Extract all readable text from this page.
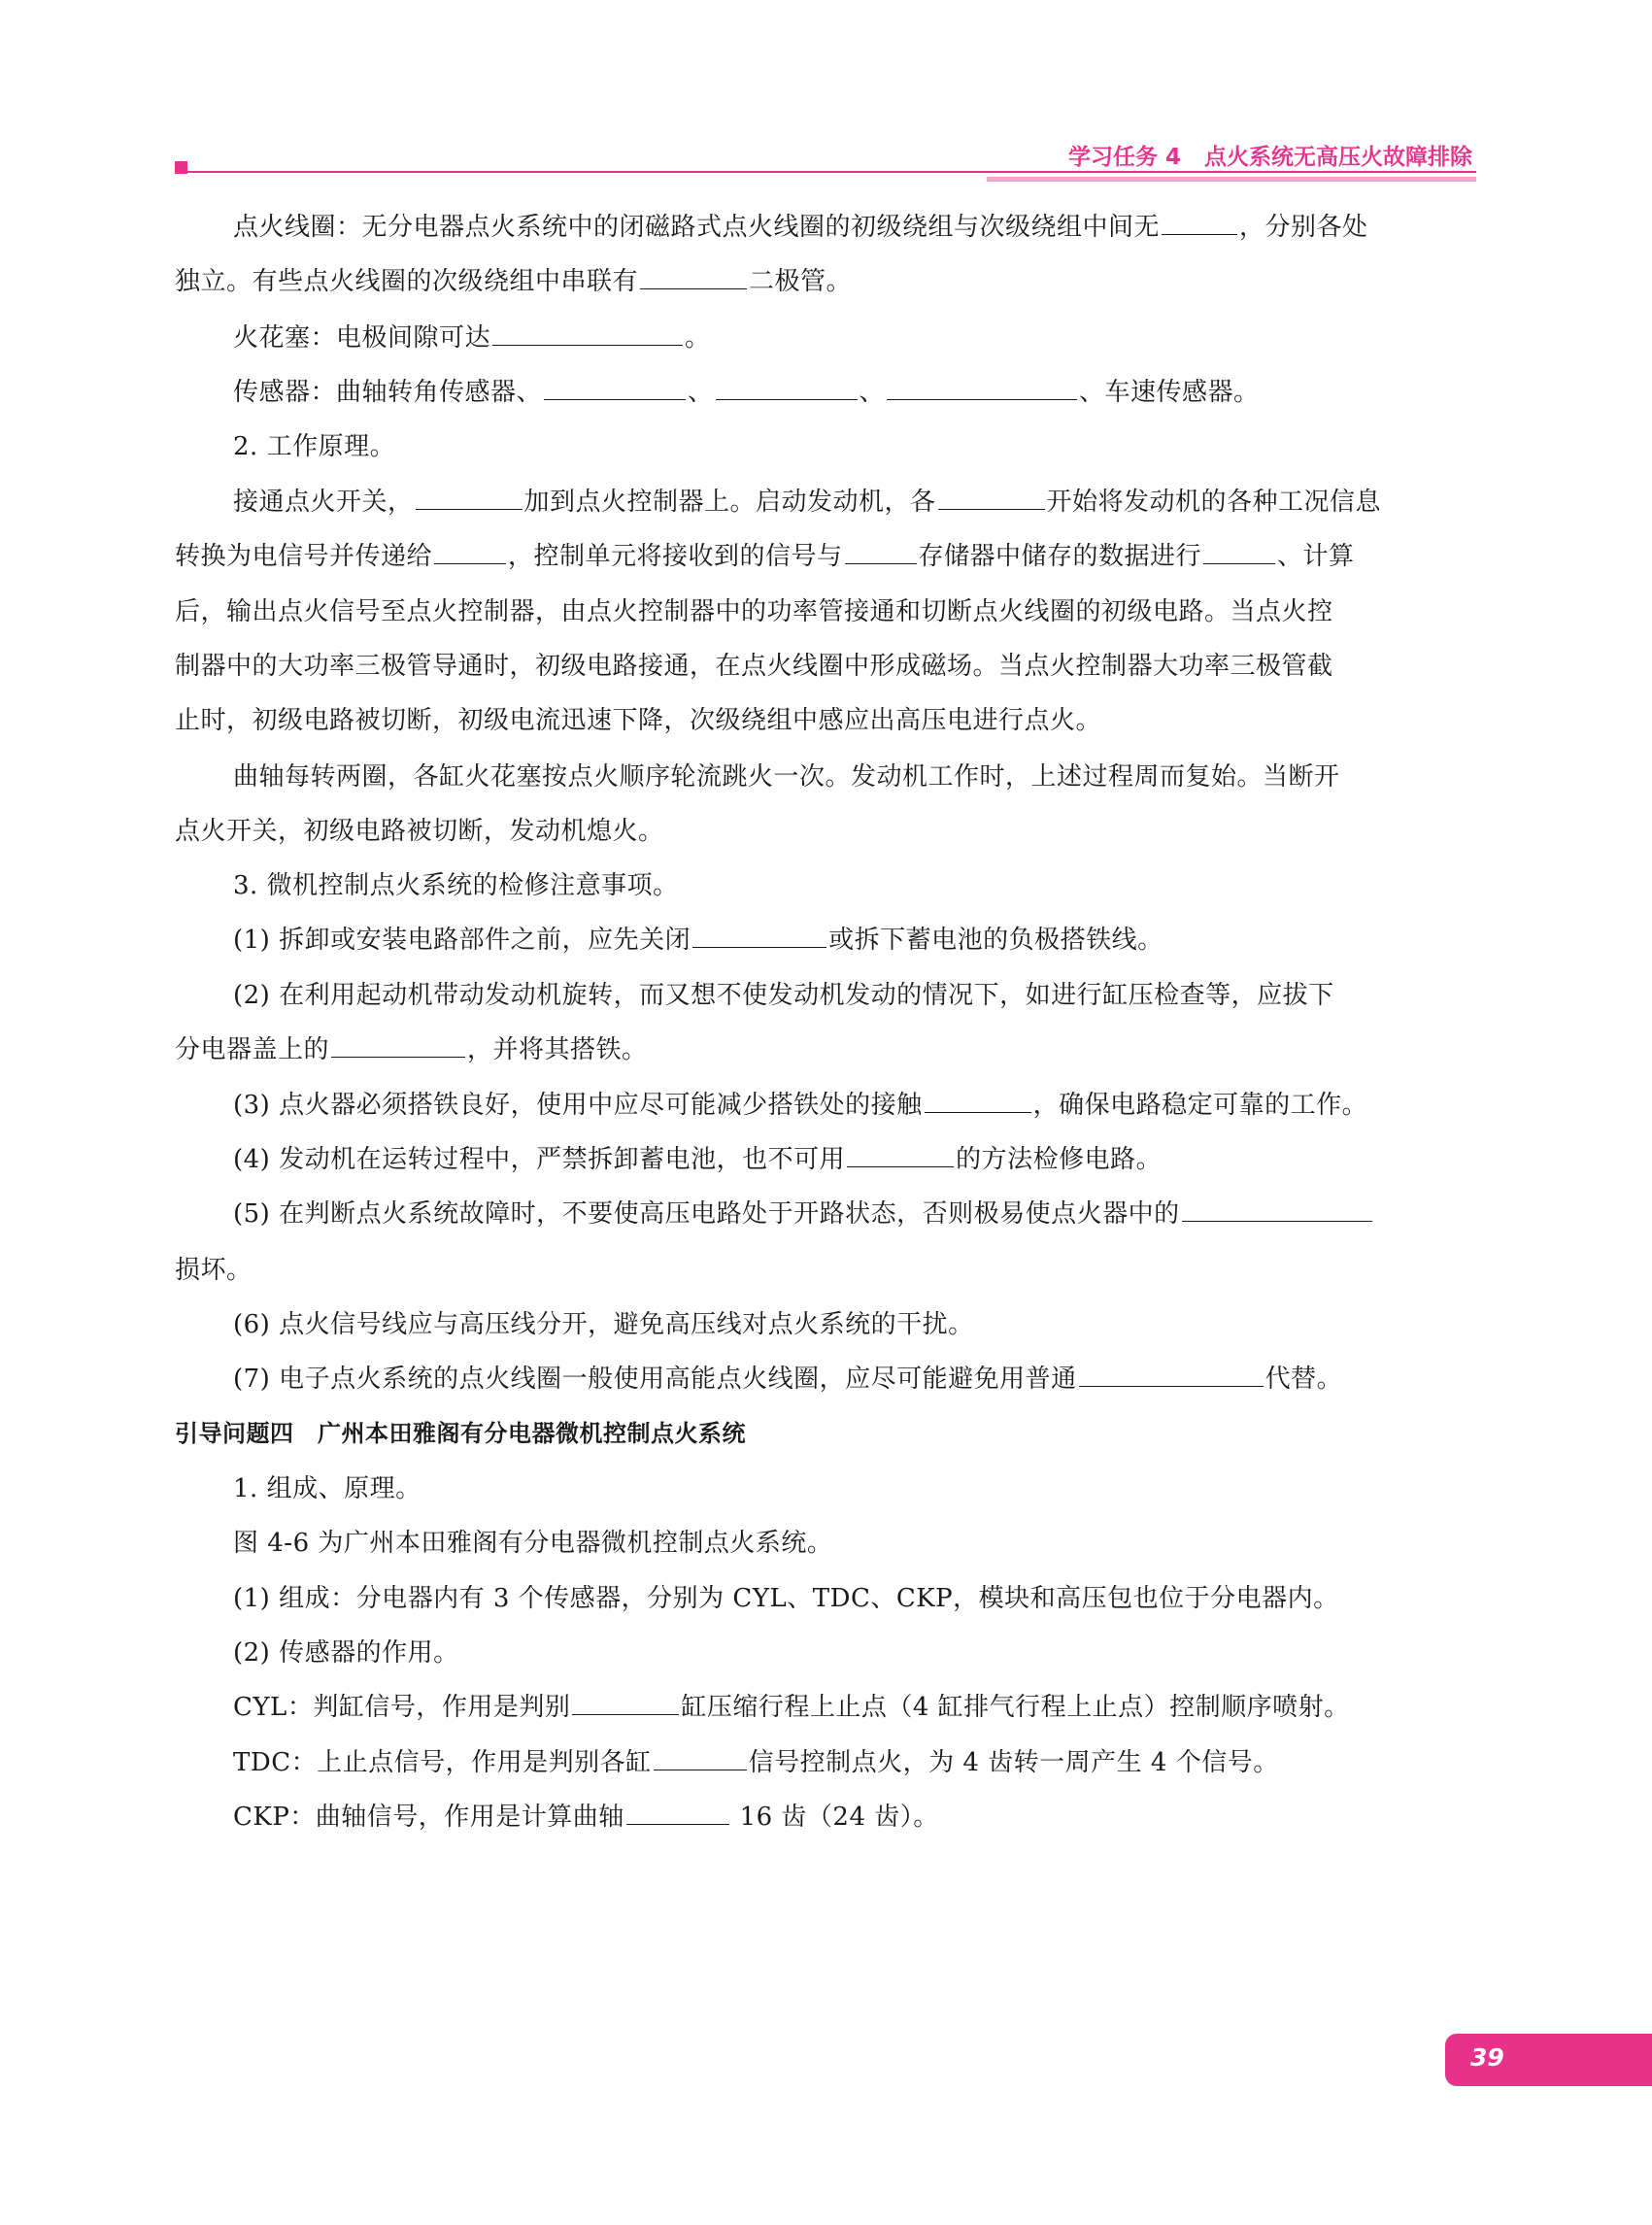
学习任务 4 点火系统无高压火故障排除
点火线圈：无分电器点火系统中的闭磁路式点火线圈的初级绕组与次级绕组中间无	，分别各处
独立。有些点火线圈的次级绕组中串联有	二极管。
火花塞：电极间隙可达	。
传感器：曲轴转角传感器、	、	、	、车速传感器。
2. 工作原理。
接通点火开关，	加到点火控制器上。启动发动机，各	开始将发动机的各种工况信息
转换为电信号并传递给	，控制单元将接收到的信号与	存储器中储存的数据进行	、计算
后，输出点火信号至点火控制器，由点火控制器中的功率管接通和切断点火线圈的初级电路。当点火控
制器中的大功率三极管导通时，初级电路接通，在点火线圈中形成磁场。当点火控制器大功率三极管截
止时，初级电路被切断，初级电流迅速下降，次级绕组中感应出高压电进行点火。
曲轴每转两圈，各缸火花塞按点火顺序轮流跳火一次。发动机工作时，上述过程周而复始。当断开
点火开关，初级电路被切断，发动机熄火。
3. 微机控制点火系统的检修注意事项。
(1) 拆卸或安装电路部件之前，应先关闭	或拆下蓄电池的负极搭铁线。
(2) 在利用起动机带动发动机旋转，而又想不使发动机发动的情况下，如进行缸压检查等，应拔下
分电器盖上的	，并将其搭铁。
(3) 点火器必须搭铁良好，使用中应尽可能减少搭铁处的接触	，确保电路稳定可靠的工作。
(4) 发动机在运转过程中，严禁拆卸蓄电池，也不可用	的方法检修电路。
(5) 在判断点火系统故障时，不要使高压电路处于开路状态，否则极易使点火器中的
损坏。
(6) 点火信号线应与高压线分开，避免高压线对点火系统的干扰。
(7) 电子点火系统的点火线圈一般使用高能点火线圈，应尽可能避免用普通	代替。
引导问题四　广州本田雅阁有分电器微机控制点火系统
1. 组成、原理。
图 4-6 为广州本田雅阁有分电器微机控制点火系统。
(1) 组成：分电器内有 3 个传感器，分别为 CYL、TDC、CKP，模块和高压包也位于分电器内。
(2) 传感器的作用。
CYL：判缸信号，作用是判别	缸压缩行程上止点（4 缸排气行程上止点）控制顺序喷射。
TDC：上止点信号，作用是判别各缸	信号控制点火，为 4 齿转一周产生 4 个信号。
CKP：曲轴信号，作用是计算曲轴	16 齿（24 齿）。
39
